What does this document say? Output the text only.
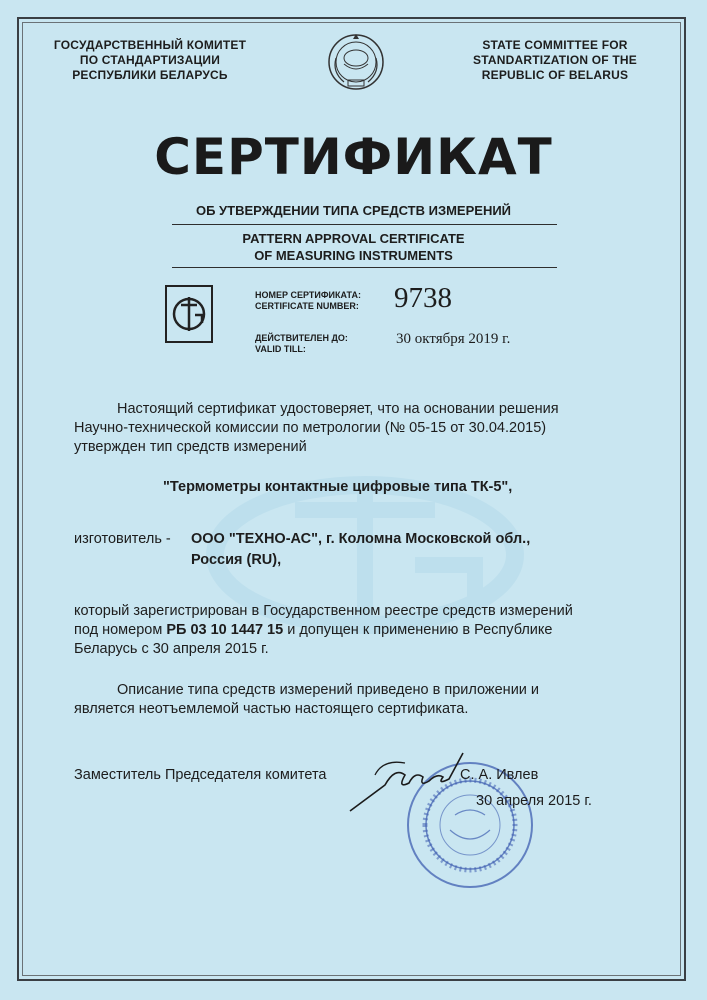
ГОСУДАРСТВЕННЫЙ КОМИТЕТ
ПО СТАНДАРТИЗАЦИИ
РЕСПУБЛИКИ БЕЛАРУСЬ
STATE COMMITTEE FOR
STANDARTIZATION OF THE
REPUBLIC OF BELARUS
СЕРТИФИКАТ
ОБ УТВЕРЖДЕНИИ ТИПА СРЕДСТВ ИЗМЕРЕНИЙ
PATTERN APPROVAL CERTIFICATE
OF MEASURING INSTRUMENTS
НОМЕР СЕРТИФИКАТА:
CERTIFICATE NUMBER: 9738
ДЕЙСТВИТЕЛЕН ДО:
VALID TILL:
30 октября 2019 г.
Настоящий сертификат удостоверяет, что на основании решения
Научно-технической комиссии по метрологии (№ 05-15 от 30.04.2015)
утвержден тип средств измерений
"Термометры контактные цифровые типа ТК-5",
изготовитель - ООО "ТЕХНО-АС", г. Коломна Московской обл.,
Россия (RU),
который зарегистрирован в Государственном реестре средств измерений
под номером РБ 03 10 1447 15 и допущен к применению в Республике
Беларусь с 30 апреля 2015 г.
Описание типа средств измерений приведено в приложении и
является неотъемлемой частью настоящего сертификата.
Заместитель Председателя комитета	С. А. Ивлев
30 апреля 2015 г.
